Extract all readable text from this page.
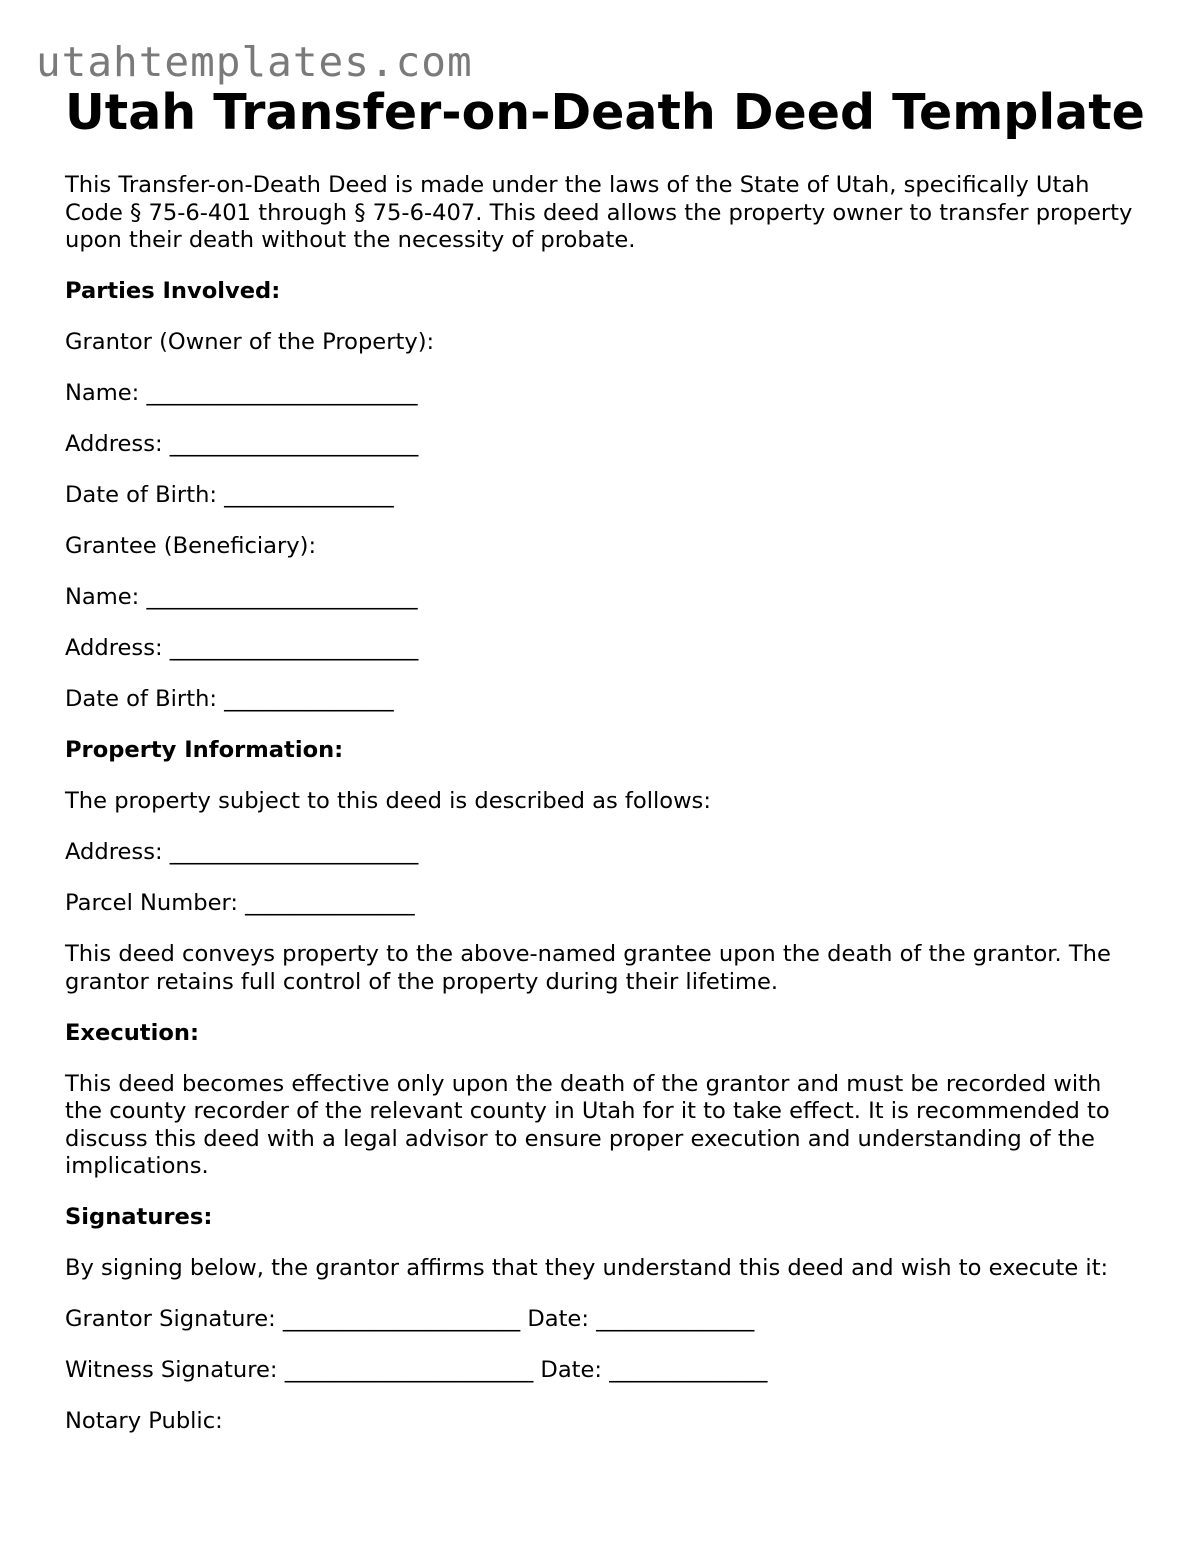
utahtemplates.com
Utah Transfer-on-Death Deed Template

This Transfer-on-Death Deed is made under the laws of the State of Utah, specifically Utah Code § 75-6-401 through § 75-6-407. This deed allows the property owner to transfer property upon their death without the necessity of probate.

Parties Involved:

Grantor (Owner of the Property):

Name: ________________________

Address: ______________________

Date of Birth: _______________

Grantee (Beneficiary):

Name: ________________________

Address: ______________________

Date of Birth: _______________

Property Information:

The property subject to this deed is described as follows:

Address: ______________________

Parcel Number: _______________

This deed conveys property to the above-named grantee upon the death of the grantor. The grantor retains full control of the property during their lifetime.

Execution:

This deed becomes effective only upon the death of the grantor and must be recorded with the county recorder of the relevant county in Utah for it to take effect. It is recommended to discuss this deed with a legal advisor to ensure proper execution and understanding of the implications.

Signatures:

By signing below, the grantor affirms that they understand this deed and wish to execute it:

Grantor Signature: _____________________ Date: ______________

Witness Signature: ______________________ Date: ______________

Notary Public:
